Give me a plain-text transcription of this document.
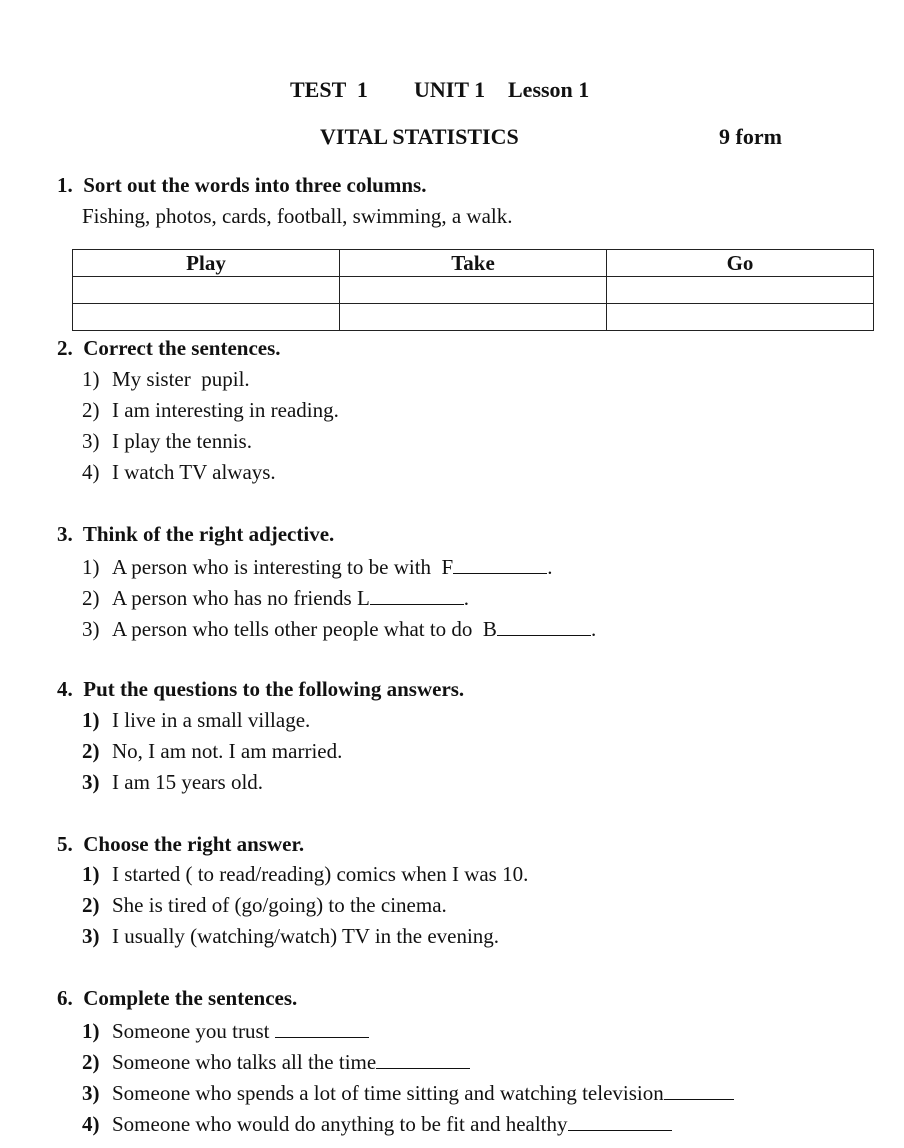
TEST  1 UNIT 1 Lesson 1
VITAL STATISTICS	9 form
1.  Sort out the words into three columns.
Fishing, photos, cards, football, swimming, a walk.
Play	Take	Go

2.  Correct the sentences.
1) My sister  pupil.
2) I am interesting in reading.
3) I play the tennis.
4) I watch TV always.
3.  Think of the right adjective.
1) A person who is interesting to be with  F	.
2) A person who has no friends L	.
3) A person who tells other people what to do  B	.
4.  Put the questions to the following answers.
1) I live in a small village.
2) No, I am not. I am married.
3) I am 15 years old.
5.  Choose the right answer.
1) I started ( to read/reading) comics when I was 10.
2) She is tired of (go/going) to the cinema.
3) I usually (watching/watch) TV in the evening.
6.  Complete the sentences.
1) Someone you trust
2) Someone who talks all the time
3) Someone who spends a lot of time sitting and watching television
4) Someone who would do anything to be fit and healthy
